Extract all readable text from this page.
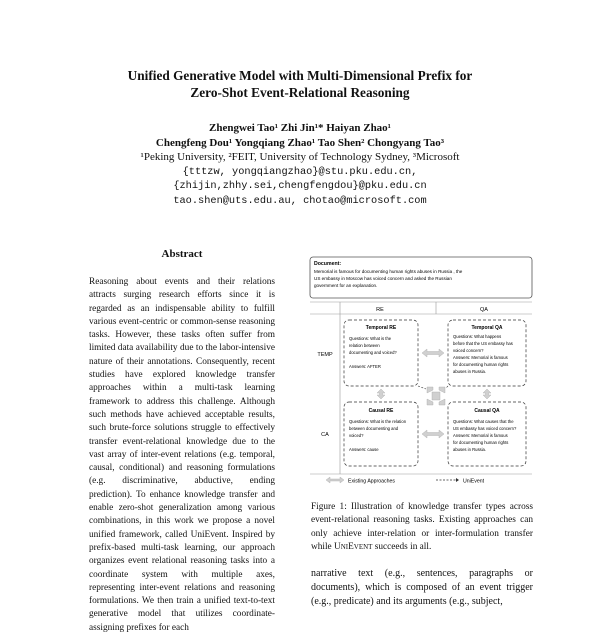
Unified Generative Model with Multi-Dimensional Prefix for
Zero-Shot Event-Relational Reasoning
Zhengwei Tao¹ Zhi Jin¹* Haiyan Zhao¹
Chengfeng Dou¹ Yongqiang Zhao¹ Tao Shen² Chongyang Tao³
¹Peking University, ²FEIT, University of Technology Sydney, ³Microsoft
{tttzw, yongqiangzhao}@stu.pku.edu.cn,
{zhijin,zhhy.sei,chengfengdou}@pku.edu.cn
tao.shen@uts.edu.au, chotao@microsoft.com
Abstract
Reasoning about events and their relations attracts surging research efforts since it is regarded as an indispensable ability to fulfill various event-centric or common-sense reasoning tasks. However, these tasks often suffer from limited data availability due to the labor-intensive nature of their annotations. Consequently, recent studies have explored knowledge transfer approaches within a multi-task learning framework to address this challenge. Although such methods have achieved acceptable results, such brute-force solutions struggle to effectively transfer event-relational knowledge due to the vast array of inter-event relations (e.g. temporal, causal, conditional) and reasoning formulations (e.g. discriminative, abductive, ending prediction). To enhance knowledge transfer and enable zero-shot generalization among various combinations, in this work we propose a novel unified framework, called UniEvent. Inspired by prefix-based multi-task learning, our approach organizes event relational reasoning tasks into a coordinate system with multiple axes, representing inter-event relations and reasoning formulations. We then train a unified text-to-text generative model that utilizes coordinate-assigning prefixes for each
Document:
Memorial is famous for documenting human rights abuses in Russia , the
US embassy in Moscow has voiced concern and asked the Russian
government for an explanation.
RE	QA
TEMP
CA
Temporal RE
Questions: What is the
relation between
documenting and voiced?
Answers: AFTER
Temporal QA
Questions: What happens
before that the US embassy has
voiced concern?
Answers: Memorial is famous
for documenting human rights
abuses in Russia.
Causal RE
Questions: What is the relation
between documenting and
voiced?
Answers: cause
Causal QA
Questions: What causes that the
US embassy has voiced concern?
Answers: Memorial is famous
for documenting human rights
abuses in Russia.
Existing Approaches	UniEvent
Figure 1: Illustration of knowledge transfer types across event-relational reasoning tasks. Existing approaches can only achieve inter-relation or inter-formulation transfer while UniEvent succeeds in all.
narrative text (e.g., sentences, paragraphs or documents), which is composed of an event trigger (e.g., predicate) and its arguments (e.g., subject,
